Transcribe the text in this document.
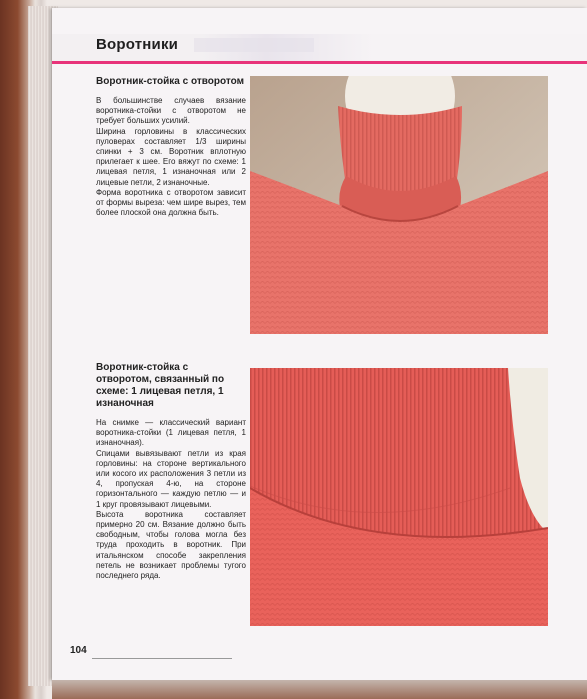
Воротники
Воротник-стойка с отворотом

В большинстве случаев вязание воротника-стойки с отворотом не требует больших усилий.

Ширина горловины в классических пуловерах составляет 1/3 ширины спинки + 3 см. Воротник вплотную прилегает к шее. Его вяжут по схеме: 1 лицевая петля, 1 изнаночная или 2 лицевые петли, 2 изнаночные.

Форма воротника с отворотом зависит от формы выреза: чем шире вырез, тем более плоской она должна быть.

Воротник-стойка с отворотом, связанный по схеме: 1 лицевая петля, 1 изнаночная

На снимке — классический вариант воротника-стойки (1 лицевая петля, 1 изнаночная).

Спицами вывязывают петли из края горловины: на стороне вертикального или косого их расположения 3 петли из 4, пропуская 4-ю, на стороне горизонтального — каждую петлю — и 1 круг провязывают лицевыми.

Высота воротника составляет примерно 20 см. Вязание должно быть свободным, чтобы голова могла без труда проходить в воротник. При итальянском способе закрепления петель не возникает проблемы тугого последнего ряда.

104
